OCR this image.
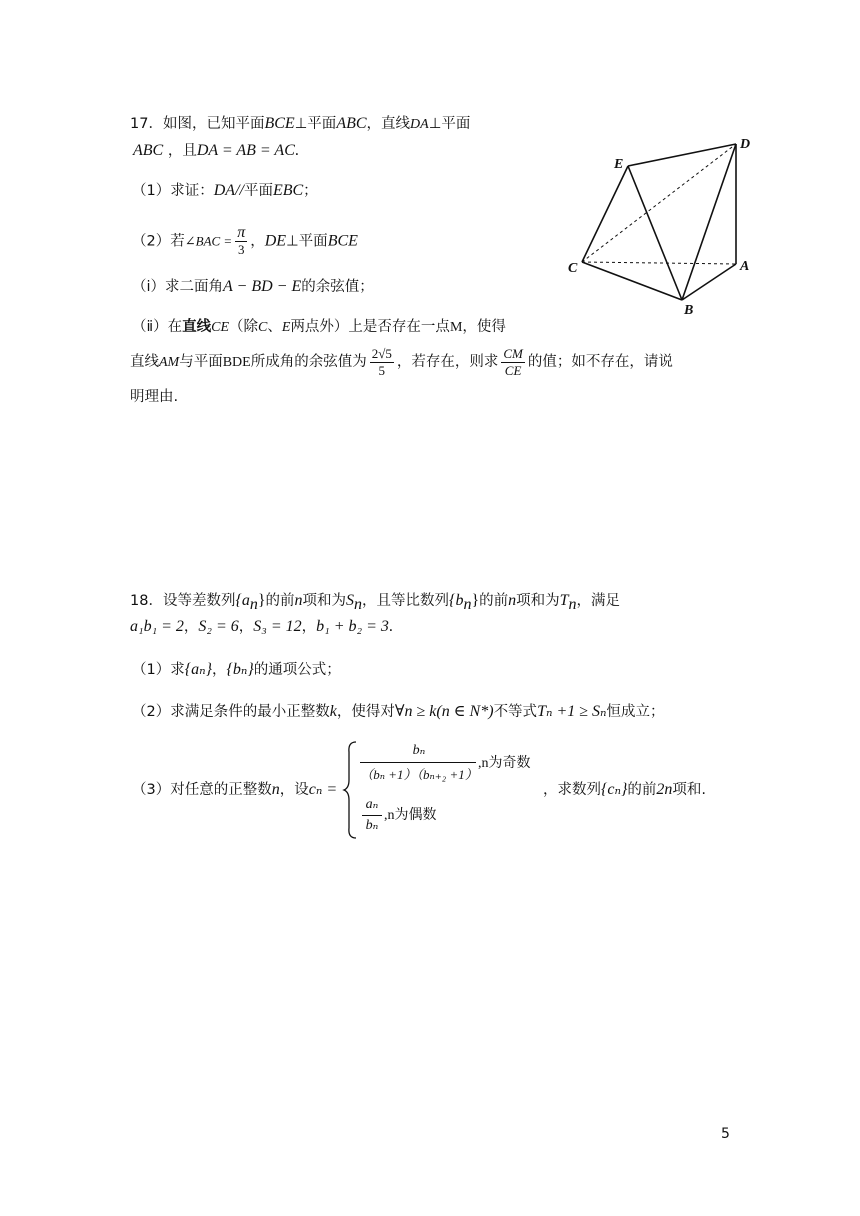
17．如图，已知平面BCE⊥平面ABC，直线DA⊥平面
ABC ，且DA = AB = AC.
（1）求证：DA//平面EBC；
（2）若∠BAC = $\frac{\pi}{3}$ ，DE⊥平面BCE
（ⅰ）求二面角A − BD − E的余弦值；
（ⅱ）在直线CE（除C、E两点外）上是否存在一点M，使得
直线AM与平面BDE所成角的余弦值为 $\frac{2√5}{5}$ ，若存在，则求 $\frac{CM}{CE}$ 的值；如不存在，请说
明理由.
E
D
C	A
B
18．设等差数列$\{a_n\}$的前n项和为$S_n$，且等比数列$\{b_n\}$的前n项和为$T_n$，满足
a₁b₁ = 2，S₂ = 6，S₃ = 12，b₁ + b₂ = 3.
（1）求{aₙ}，{bₙ}的通项公式；
（2）求满足条件的最小正整数k，使得对∀n ≥ k(n ∈ N*)不等式Tₙ +1 ≥ Sₙ恒成立；
（3）对任意的正整数n，设cₙ =
bₙ
（bₙ +1）（bₙ₊₂ +1）
,n为奇数
aₙ
bₙ
,n为偶数
，求数列{cₙ}的前2n项和.
5
